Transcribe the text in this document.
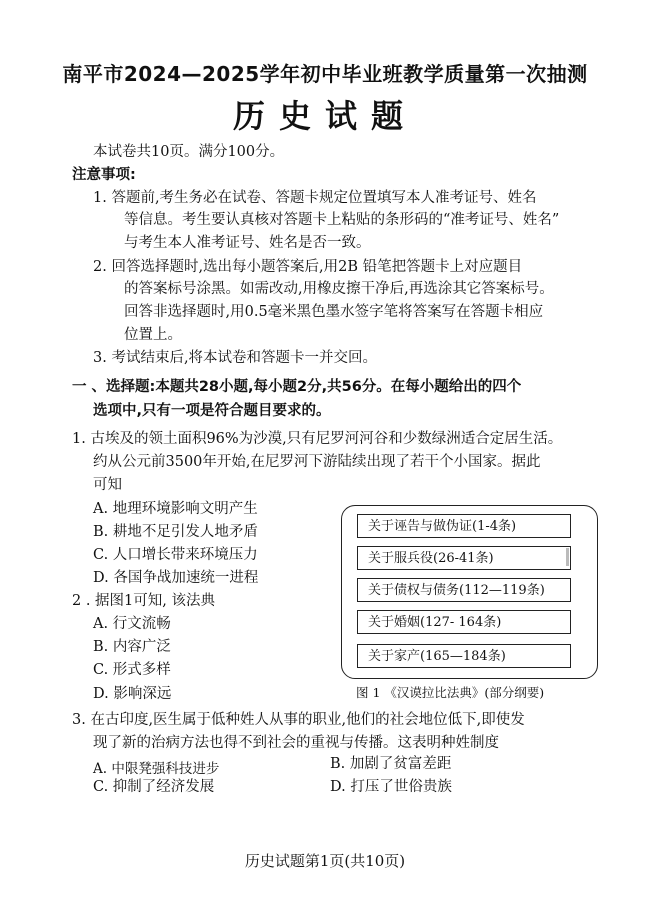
南平市2024—2025学年初中毕业班教学质量第一次抽测
历史试题
本试卷共10页。满分100分。
注意事项:
1. 答题前,考生务必在试卷、答题卡规定位置填写本人准考证号、姓名
等信息。考生要认真核对答题卡上粘贴的条形码的“准考证号、姓名”
与考生本人准考证号、姓名是否一致。
2. 回答选择题时,选出每小题答案后,用2B 铅笔把答题卡上对应题目
的答案标号涂黑。如需改动,用橡皮擦干净后,再选涂其它答案标号。
回答非选择题时,用0.5毫米黑色墨水签字笔将答案写在答题卡相应
位置上。
3. 考试结束后,将本试卷和答题卡一并交回。
一 、选择题:本题共28小题,每小题2分,共56分。在每小题给出的四个
选项中,只有一项是符合题目要求的。
1. 古埃及的领土面积96%为沙漠,只有尼罗河河谷和少数绿洲适合定居生活。
约从公元前3500年开始,在尼罗河下游陆续出现了若干个小国家。据此
可知
A. 地理环境影响文明产生
B. 耕地不足引发人地矛盾
C. 人口增长带来环境压力
D. 各国争战加速统一进程
2 . 据图1可知, 该法典
A. 行文流畅
B. 内容广泛
C. 形式多样
D. 影响深远
关于诬告与做伪证(1-4条)
关于服兵役(26-41条)
关于债权与债务(112—119条)
关于婚姻(127- 164条)
关于家产(165—184条)
图 1 《汉谟拉比法典》(部分纲要)
3. 在古印度,医生属于低种姓人从事的职业,他们的社会地位低下,即使发
现了新的治病方法也得不到社会的重视与传播。这表明种姓制度
A. 中限凳强科技进步	B. 加剧了贫富差距
C. 抑制了经济发展	D. 打压了世俗贵族
历史试题第1页(共10页)
